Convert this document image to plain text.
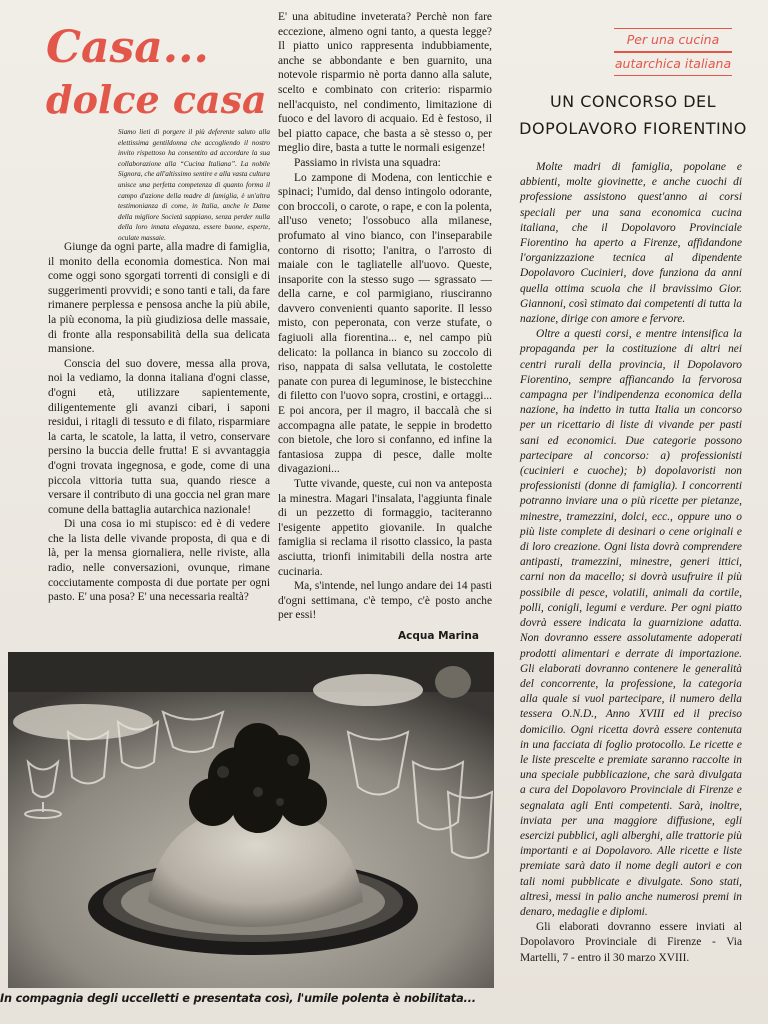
Casa...
dolce casa
Siamo lieti di porgere il più deferente saluto alla elettissima gentildonna che accogliendo il nostro invito rispettoso ha consentito ad accordare la sua collaborazione alla “Cucina Italiana”. La nobile Signora, che all'altissimo sentire e alla vasta cultura unisce una perfetta competenza di quanto forma il campo d'azione della madre di famiglia, è un'altra testimonianza di come, in Italia, anche le Dame della migliore Società sappiano, senza perder nulla della loro innata eleganza, essere buone, esperte, oculate massaie.

Giunge da ogni parte, alla madre di famiglia, il monito della economia domestica. Non mai come oggi sono sgorgati torrenti di consigli e di suggerimenti provvidi; e sono tanti e tali, da fare rimanere perplessa e pensosa anche la più abile, la più economa, la più giudiziosa delle massaie, di fronte alla responsabilità della sua delicata mansione.

Conscia del suo dovere, messa alla prova, noi la vediamo, la donna italiana d'ogni classe, d'ogni età, utilizzare sapientemente, diligentemente gli avanzi cibari, i saponi residui, i ritagli di tessuto e di filato, risparmiare la carta, le scatole, la latta, il vetro, conservare persino la buccia delle frutta! E si avvantaggia d'ogni trovata ingegnosa, e gode, come di una piccola vittoria tutta sua, quando riesce a versare il contributo di una goccia nel gran mare comune della battaglia autarchica nazionale!

Di una cosa io mi stupisco: ed è di vedere che la lista delle vivande proposta, di qua e di là, per la mensa giornaliera, nelle riviste, alla radio, nelle conversazioni, ovunque, rimane cocciutamente composta di due portate per ogni pasto. E' una posa? E' una necessaria realtà?

E' una abitudine inveterata? Perchè non fare eccezione, almeno ogni tanto, a questa legge? Il piatto unico rappresenta indubbiamente, anche se abbondante e ben guarnito, una notevole risparmio nè porta danno alla salute, scelto e combinato con criterio: risparmio nell'acquisto, nel condimento, limitazione di fuoco e del lavoro di acquaio. Ed è festoso, il bel piatto capace, che basta a sè stesso o, per meglio dire, basta a tutte le normali esigenze!

Passiamo in rivista una squadra:

Lo zampone di Modena, con lenticchie e spinaci; l'umido, dal denso intingolo odorante, con broccoli, o carote, o rape, e con la polenta, all'uso veneto; l'ossobuco alla milanese, profumato al vino bianco, con l'inseparabile contorno di risotto; l'anitra, o l'arrosto di maiale con le tagliatelle all'uovo. Queste, insaporite con la stesso sugo — sgrassato — della carne, e col parmigiano, riusciranno davvero convenienti quanto saporite. Il lesso misto, con peperonata, con verze stufate, o fagiuoli alla fiorentina... e, nel campo più delicato: la pollanca in bianco su zoccolo di riso, nappata di salsa vellutata, le costolette panate con purea di leguminose, le bistecchine di filetto con l'uovo sopra, crostini, e ortaggi... E poi ancora, per il magro, il baccalà che si accompagna alle patate, le seppie in brodetto con bietole, che loro si confanno, ed infine la fantasiosa zuppa di pesce, dalle molte divagazioni...

Tutte vivande, queste, cui non va anteposta la minestra. Magari l'insalata, l'aggiunta finale di un pezzetto di formaggio, taciteranno l'esigente appetito giovanile. In qualche famiglia si reclama il risotto classico, la pasta asciutta, trionfi inimitabili della nostra arte cucinaria.

Ma, s'intende, nel lungo andare dei 14 pasti d'ogni settimana, c'è tempo, c'è posto anche per essi!

Acqua Marina
Per una cucina
autarchica italiana
UN CONCORSO DEL
DOPOLAVORO FIORENTINO

Molte madri di famiglia, popolane e abbienti, molte giovinette, e anche cuochi di professione assistono quest'anno ai corsi speciali per una sana economica cucina italiana, che il Dopolavoro Provinciale Fiorentino ha aperto a Firenze, affidandone l'organizzazione tecnica al dipendente Dopolavoro Cucinieri, dove funziona da anni quella ottima scuola che il bravissimo Gior. Giannoni, così stimato dai competenti di tutta la nazione, dirige con amore e fervore.

Oltre a questi corsi, e mentre intensifica la propaganda per la costituzione di altri nei centri rurali della provincia, il Dopolavoro Fiorentino, sempre affiancando la fervorosa campagna per l'indipendenza economica della nazione, ha indetto in tutta Italia un concorso per un ricettario di liste di vivande per pasti sani ed economici. Due categorie possono partecipare al concorso: a) professionisti (cucinieri e cuoche); b) dopolavoristi non professionisti (donne di famiglia). I concorrenti potranno inviare una o più ricette per pietanze, minestre, tramezzini, dolci, ecc., oppure uno o più liste complete di desinari o cene originali e di loro creazione. Ogni lista dovrà comprendere antipasti, tramezzini, minestre, generi ittici, carni non da macello; si dovrà usufruire il più possibile di pesce, volatili, animali da cortile, polli, conigli, legumi e verdure. Per ogni piatto dovrà essere indicata la guarnizione adatta. Non dovranno essere assolutamente adoperati prodotti alimentari e derrate di importazione. Gli elaborati dovranno contenere le generalità del concorrente, la professione, la categoria alla quale si vuol partecipare, il numero della tessera O.N.D., Anno XVIII ed il preciso domicilio. Ogni ricetta dovrà essere contenuta in una facciata di foglio protocollo. Le ricette e le liste prescelte e premiate saranno raccolte in una speciale pubblicazione, che sarà divulgata a cura del Dopolavoro Provinciale di Firenze e segnalata agli Enti competenti. Sarà, inoltre, inviata per una maggiore diffusione, egli esercizi pubblici, agli alberghi, alle trattorie più importanti e ai Dopolavoro. Alle ricette e liste premiate sarà dato il nome degli autori e con tali nomi pubblicate e divulgate. Sono stati, altresì, messi in palio anche numerosi premi in denaro, medaglie e diplomi.

Gli elaborati dovranno essere inviati al Dopolavoro Provinciale di Firenze - Via Martelli, 7 - entro il 30 marzo XVIII.

In compagnia degli uccelletti e presentata così, l'umile polenta è nobilitata...
